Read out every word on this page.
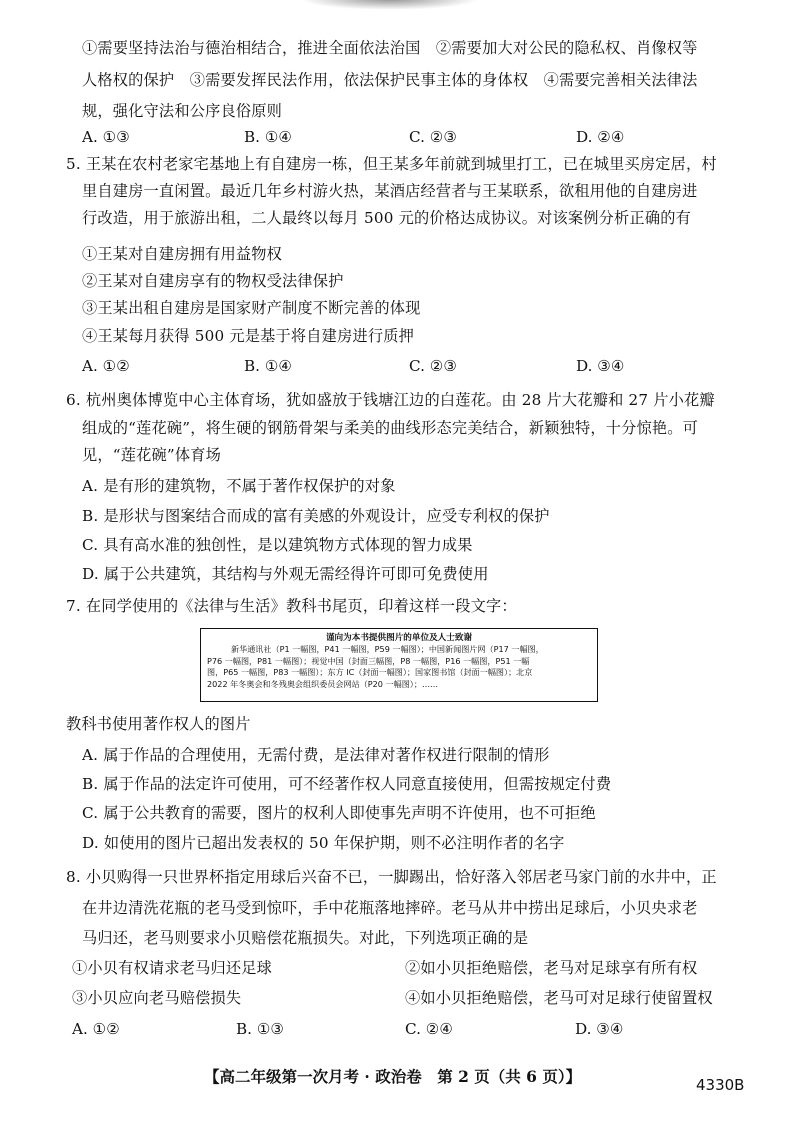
①需要坚持法治与德治相结合，推进全面依法治国　②需要加大对公民的隐私权、肖像权等
人格权的保护　③需要发挥民法作用，依法保护民事主体的身体权　④需要完善相关法律法
规，强化守法和公序良俗原则
A. ①③	B. ①④	C. ②③	D. ②④
5. 王某在农村老家宅基地上有自建房一栋，但王某多年前就到城里打工，已在城里买房定居，村
里自建房一直闲置。最近几年乡村游火热，某酒店经营者与王某联系，欲租用他的自建房进
行改造，用于旅游出租，二人最终以每月 500 元的价格达成协议。对该案例分析正确的有
①王某对自建房拥有用益物权
②王某对自建房享有的物权受法律保护
③王某出租自建房是国家财产制度不断完善的体现
④王某每月获得 500 元是基于将自建房进行质押
A. ①②	B. ①④	C. ②③	D. ③④
6. 杭州奥体博览中心主体育场，犹如盛放于钱塘江边的白莲花。由 28 片大花瓣和 27 片小花瓣
组成的“莲花碗”，将生硬的钢筋骨架与柔美的曲线形态完美结合，新颖独特，十分惊艳。可
见，“莲花碗”体育场
A. 是有形的建筑物，不属于著作权保护的对象
B. 是形状与图案结合而成的富有美感的外观设计，应受专利权的保护
C. 具有高水准的独创性，是以建筑物方式体现的智力成果
D. 属于公共建筑，其结构与外观无需经得许可即可免费使用
7. 在同学使用的《法律与生活》教科书尾页，印着这样一段文字：
谨向为本书提供图片的单位及人士致谢
新华通讯社（P1 一幅图，P41 一幅图，P59 一幅图）；中国新闻图片网（P17 一幅图，
P76 一幅图，P81 一幅图）；视觉中国（封面三幅图，P8 一幅图，P16 一幅图，P51 一幅
图，P65 一幅图，P83 一幅图）；东方 IC（封面一幅图）；国家图书馆（封面一幅图）；北京
2022 年冬奥会和冬残奥会组织委员会网站（P20 一幅图）；……
教科书使用著作权人的图片
A. 属于作品的合理使用，无需付费，是法律对著作权进行限制的情形
B. 属于作品的法定许可使用，可不经著作权人同意直接使用，但需按规定付费
C. 属于公共教育的需要，图片的权利人即使事先声明不许使用，也不可拒绝
D. 如使用的图片已超出发表权的 50 年保护期，则不必注明作者的名字
8. 小贝购得一只世界杯指定用球后兴奋不已，一脚踢出，恰好落入邻居老马家门前的水井中，正
在井边清洗花瓶的老马受到惊吓，手中花瓶落地摔碎。老马从井中捞出足球后，小贝央求老
马归还，老马则要求小贝赔偿花瓶损失。对此，下列选项正确的是
①小贝有权请求老马归还足球	②如小贝拒绝赔偿，老马对足球享有所有权
③小贝应向老马赔偿损失	④如小贝拒绝赔偿，老马可对足球行使留置权
A. ①②	B. ①③	C. ②④	D. ③④
【高二年级第一次月考 · 政治卷　第 2 页（共 6 页）】	4330B
